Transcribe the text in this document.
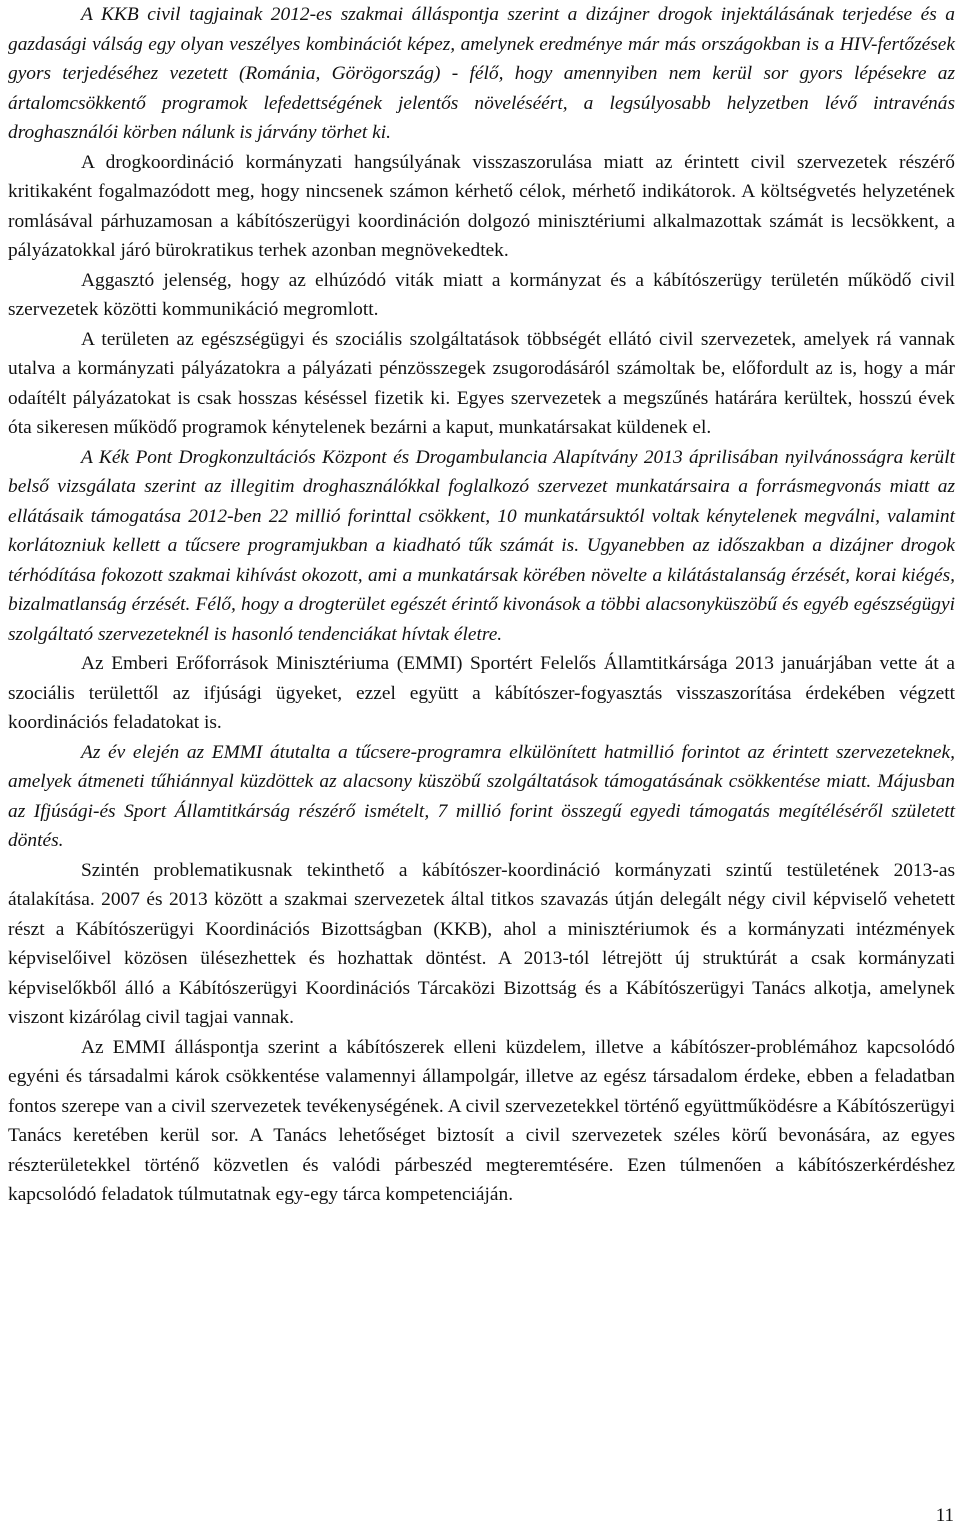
A KKB civil tagjainak 2012-es szakmai álláspontja szerint a dizájner drogok injektálásának terjedése és a gazdasági válság egy olyan veszélyes kombinációt képez, amelynek eredménye már más országokban is a HIV-fertőzések gyors terjedéséhez vezetett (Románia, Görögország) - félő, hogy amennyiben nem kerül sor gyors lépésekre az ártalomcsökkentő programok lefedettségének jelentős növeléséért, a legsúlyosabb helyzetben lévő intravénás droghasználói körben nálunk is járvány törhet ki.

A drogkoordináció kormányzati hangsúlyának visszaszorulása miatt az érintett civil szervezetek részérő kritikaként fogalmazódott meg, hogy nincsenek számon kérhető célok, mérhető indikátorok. A költségvetés helyzetének romlásával párhuzamosan a kábítószerügyi koordináción dolgozó minisztériumi alkalmazottak számát is lecsökkent, a pályázatokkal járó bürokratikus terhek azonban megnövekedtek.

Aggasztó jelenség, hogy az elhúzódó viták miatt a kormányzat és a kábítószerügy területén működő civil szervezetek közötti kommunikáció megromlott.

A területen az egészségügyi és szociális szolgáltatások többségét ellátó civil szervezetek, amelyek rá vannak utalva a kormányzati pályázatokra a pályázati pénzösszegek zsugorodásáról számoltak be, előfordult az is, hogy a már odaítélt pályázatokat is csak hosszas késéssel fizetik ki. Egyes szervezetek a megszűnés határára kerültek, hosszú évek óta sikeresen működő programok kénytelenek bezárni a kaput, munkatársakat küldenek el.

A Kék Pont Drogkonzultációs Központ és Drogambulancia Alapítvány 2013 áprilisában nyilvánosságra került belső vizsgálata szerint az illegitim droghasználókkal foglalkozó szervezet munkatársaira a forrásmegvonás miatt az ellátásaik támogatása 2012-ben 22 millió forinttal csökkent, 10 munkatársuktól voltak kénytelenek megválni, valamint korlátozniuk kellett a tűcsere programjukban a kiadható tűk számát is. Ugyanebben az időszakban a dizájner drogok térhódítása fokozott szakmai kihívást okozott, ami a munkatársak körében növelte a kilátástalanság érzését, korai kiégés, bizalmatlanság érzését. Félő, hogy a drogterület egészét érintő kivonások a többi alacsonyküszöbű és egyéb egészségügyi szolgáltató szervezeteknél is hasonló tendenciákat hívtak életre.

Az Emberi Erőforrások Minisztériuma (EMMI) Sportért Felelős Államtitkársága 2013 januárjában vette át a szociális területtől az ifjúsági ügyeket, ezzel együtt a kábítószer-fogyasztás visszaszorítása érdekében végzett koordinációs feladatokat is.

Az év elején az EMMI átutalta a tűcsere-programra elkülönített hatmillió forintot az érintett szervezeteknek, amelyek átmeneti tűhiánnyal küzdöttek az alacsony küszöbű szolgáltatások támogatásának csökkentése miatt. Májusban az Ifjúsági-és Sport Államtitkárság részérő ismételt, 7 millió forint összegű egyedi támogatás megítéléséről született döntés.

Szintén problematikusnak tekinthető a kábítószer-koordináció kormányzati szintű testületének 2013-as átalakítása. 2007 és 2013 között a szakmai szervezetek által titkos szavazás útján delegált négy civil képviselő vehetett részt a Kábítószerügyi Koordinációs Bizottságban (KKB), ahol a minisztériumok és a kormányzati intézmények képviselőivel közösen ülésezhettek és hozhattak döntést. A 2013-tól létrejött új struktúrát a csak kormányzati képviselőkből álló a Kábítószerügyi Koordinációs Tárcaközi Bizottság és a Kábítószerügyi Tanács alkotja, amelynek viszont kizárólag civil tagjai vannak.

Az EMMI álláspontja szerint a kábítószerek elleni küzdelem, illetve a kábítószer-problémához kapcsolódó egyéni és társadalmi károk csökkentése valamennyi állampolgár, illetve az egész társadalom érdeke, ebben a feladatban fontos szerepe van a civil szervezetek tevékenységének. A civil szervezetekkel történő együttműködésre a Kábítószerügyi Tanács keretében kerül sor. A Tanács lehetőséget biztosít a civil szervezetek széles körű bevonására, az egyes részterületekkel történő közvetlen és valódi párbeszéd megteremtésére. Ezen túlmenően a kábítószerkérdéshez kapcsolódó feladatok túlmutatnak egy-egy tárca kompetenciáján.

11
